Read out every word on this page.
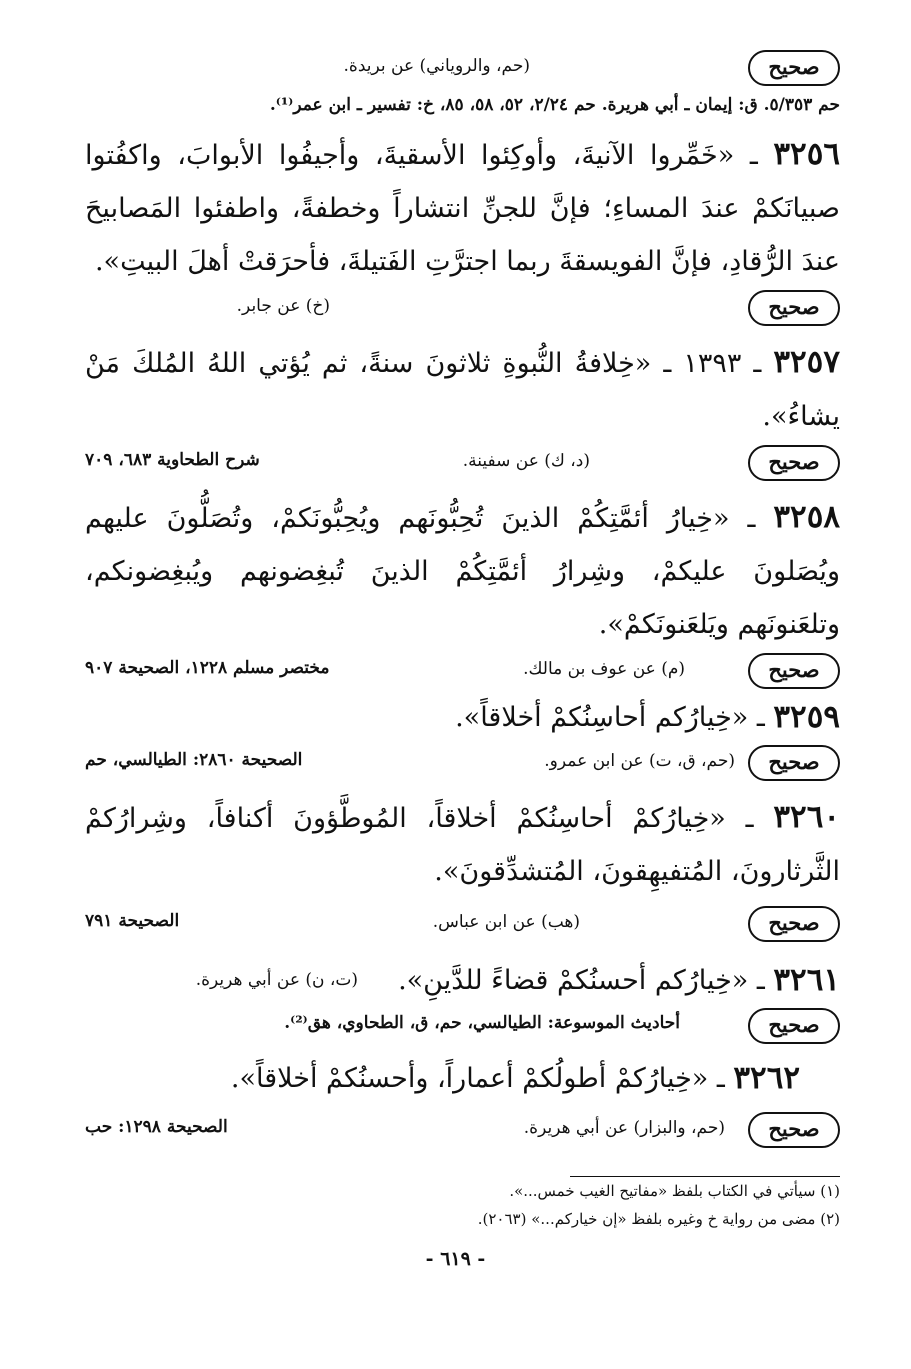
صحيح
(حم، والروياني) عن بريدة.
حم ٥/٣٥٣. ق: إيمان ـ أبي هريرة. حم ٢/٢٤، ٥٢، ٥٨، ٨٥، خ: تفسير ـ ابن عمر⁽¹⁾.
٣٢٥٦ ـ «خَمِّروا الآنيةَ، وأوكِئوا الأسقيةَ، وأجيفُوا الأبوابَ، واكفُتوا صبيانَكمْ عندَ المساءِ؛ فإنَّ للجنِّ انتشاراً وخطفةً، واطفئوا المَصابيحَ عندَ الرُّقادِ، فإنَّ الفويسقةَ ربما اجترَّتِ الفَتيلةَ، فأحرَقتْ أهلَ البيتِ».
صحيح
(خ) عن جابر.
٣٢٥٧ ـ ١٣٩٣ ـ «خِلافةُ النُّبوةِ ثلاثونَ سنةً، ثم يُؤتي اللهُ المُلكَ مَنْ يشاءُ».
صحيح
(د، ك) عن سفينة.
شرح الطحاوية ٦٨٣، ٧٠٩
٣٢٥٨ ـ «خِيارُ أئمَّتِكُمْ الذينَ تُحِبُّونَهم ويُحِبُّونَكمْ، وتُصَلُّونَ عليهم ويُصَلونَ عليكمْ، وشِرارُ أئمَّتِكُمْ الذينَ تُبغِضونهم ويُبغِضونكم، وتلعَنونَهم ويَلعَنونَكمْ».
صحيح
(م) عن عوف بن مالك.
مختصر مسلم ١٢٢٨، الصحيحة ٩٠٧
٣٢٥٩
ـ
«خِيارُكم أحاسِنُكمْ أخلاقاً».
صحيح
(حم، ق، ت) عن ابن عمرو.
الصحيحة ٢٨٦٠: الطيالسي، حم
٣٢٦٠ ـ «خِيارُكمْ أحاسِنُكمْ أخلاقاً، المُوطَّؤونَ أكنافاً، وشِرارُكمْ الثَّرثارونَ، المُتفيهِقونَ، المُتشدِّقونَ».
صحيح
(هب) عن ابن عباس.
الصحيحة ٧٩١
٣٢٦١
ـ
«خِيارُكم أحسنُكمْ قضاءً للدَّينِ».
(ت، ن) عن أبي هريرة.
صحيح
أحاديث الموسوعة: الطيالسي، حم، ق، الطحاوي، هق⁽²⁾.
٣٢٦٢
ـ
«خِيارُكمْ أطولُكمْ أعماراً، وأحسنُكمْ أخلاقاً».
صحيح
(حم، والبزار) عن أبي هريرة.
الصحيحة ١٢٩٨: حب
(١) سيأتي في الكتاب بلفظ «مفاتيح الغيب خمس...».
(٢) مضى من رواية خ وغيره بلفظ «إن خياركم...» (٢٠٦٣).
- ٦١٩ -
